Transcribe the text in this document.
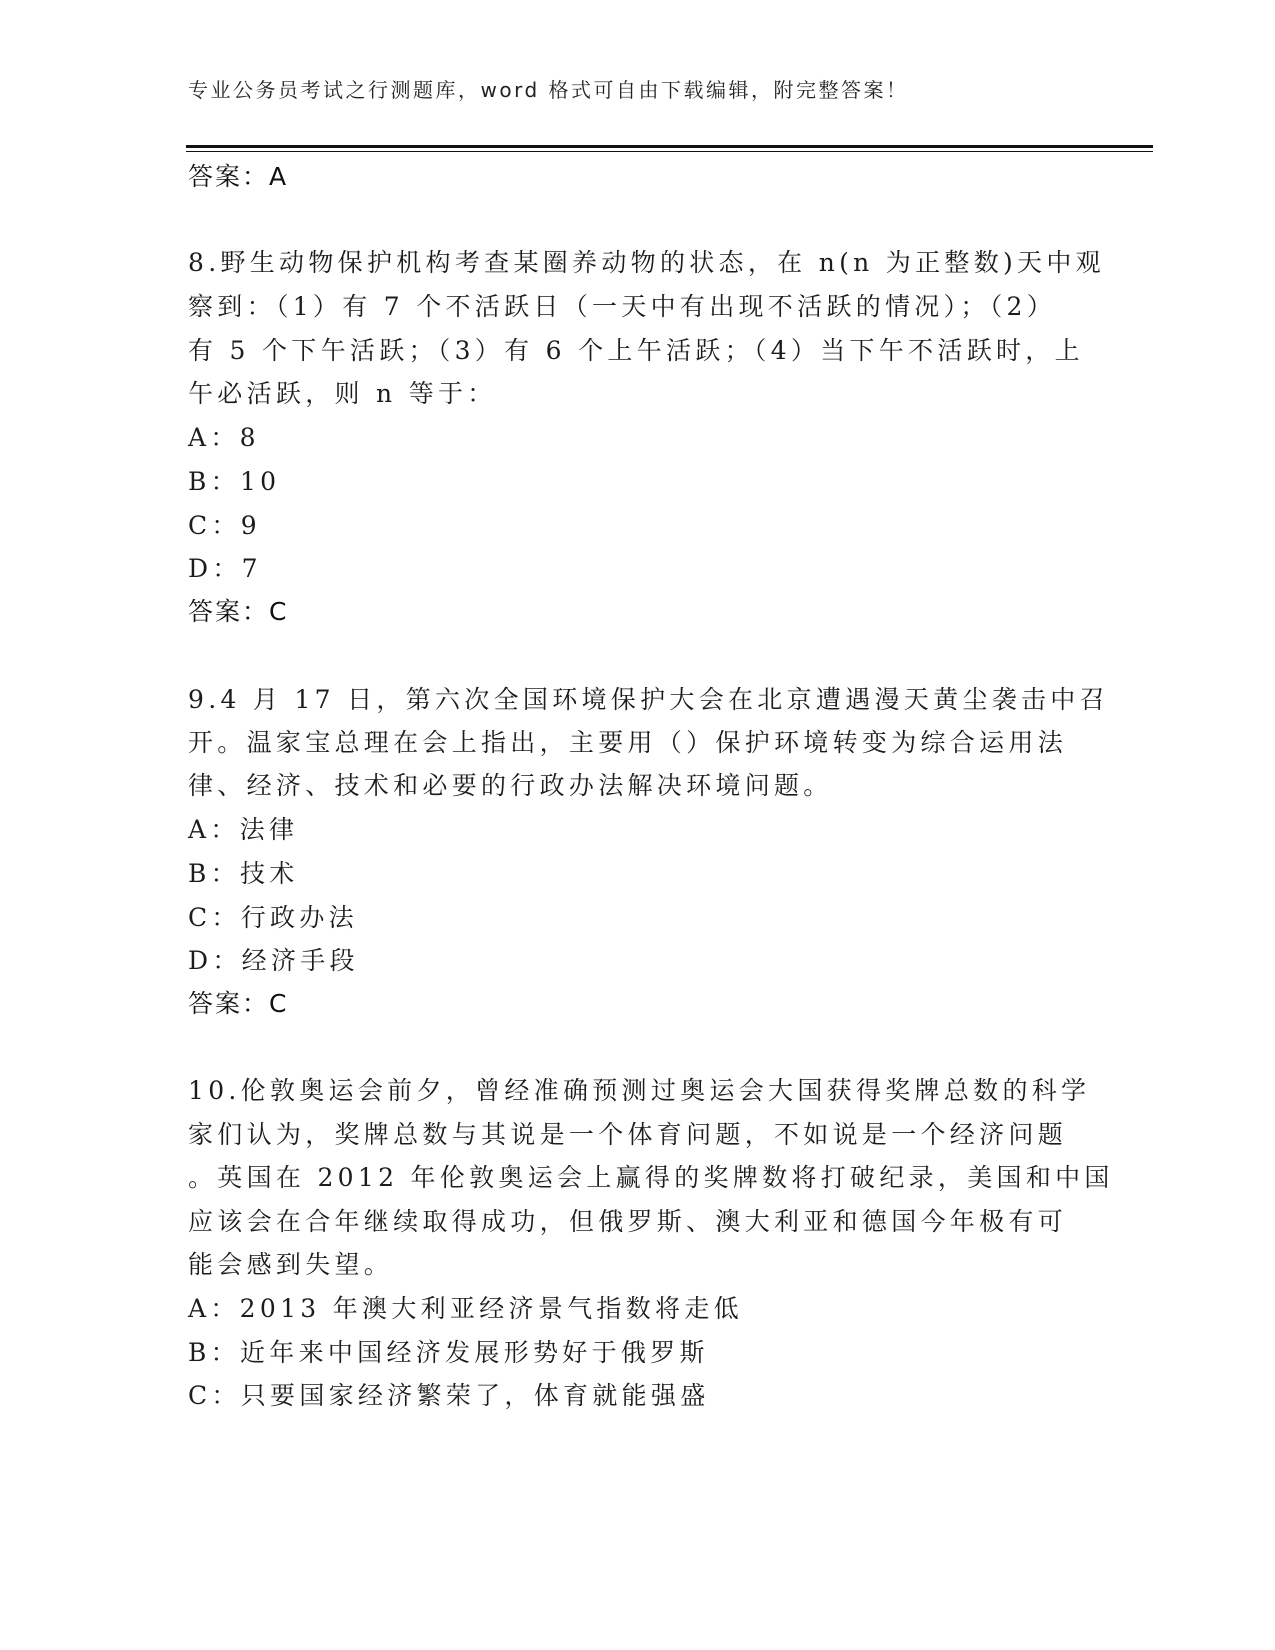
专业公务员考试之行测题库，word 格式可自由下载编辑，附完整答案！
答案：A
8.野生动物保护机构考查某圈养动物的状态，在 n(n 为正整数)天中观
察到：（1）有 7 个不活跃日（一天中有出现不活跃的情况）；（2）
有 5 个下午活跃；（3）有 6 个上午活跃；（4）当下午不活跃时，上
午必活跃，则 n 等于：
A：8
B：10
C：9
D：7
答案：C
9.4 月 17 日，第六次全国环境保护大会在北京遭遇漫天黄尘袭击中召
开。温家宝总理在会上指出，主要用（）保护环境转变为综合运用法
律、经济、技术和必要的行政办法解决环境问题。
A：法律
B：技术
C：行政办法
D：经济手段
答案：C
10.伦敦奥运会前夕，曾经准确预测过奥运会大国获得奖牌总数的科学
家们认为，奖牌总数与其说是一个体育问题，不如说是一个经济问题
。英国在 2012 年伦敦奥运会上赢得的奖牌数将打破纪录，美国和中国
应该会在合年继续取得成功，但俄罗斯、澳大利亚和德国今年极有可
能会感到失望。
A：2013 年澳大利亚经济景气指数将走低
B：近年来中国经济发展形势好于俄罗斯
C：只要国家经济繁荣了，体育就能强盛
